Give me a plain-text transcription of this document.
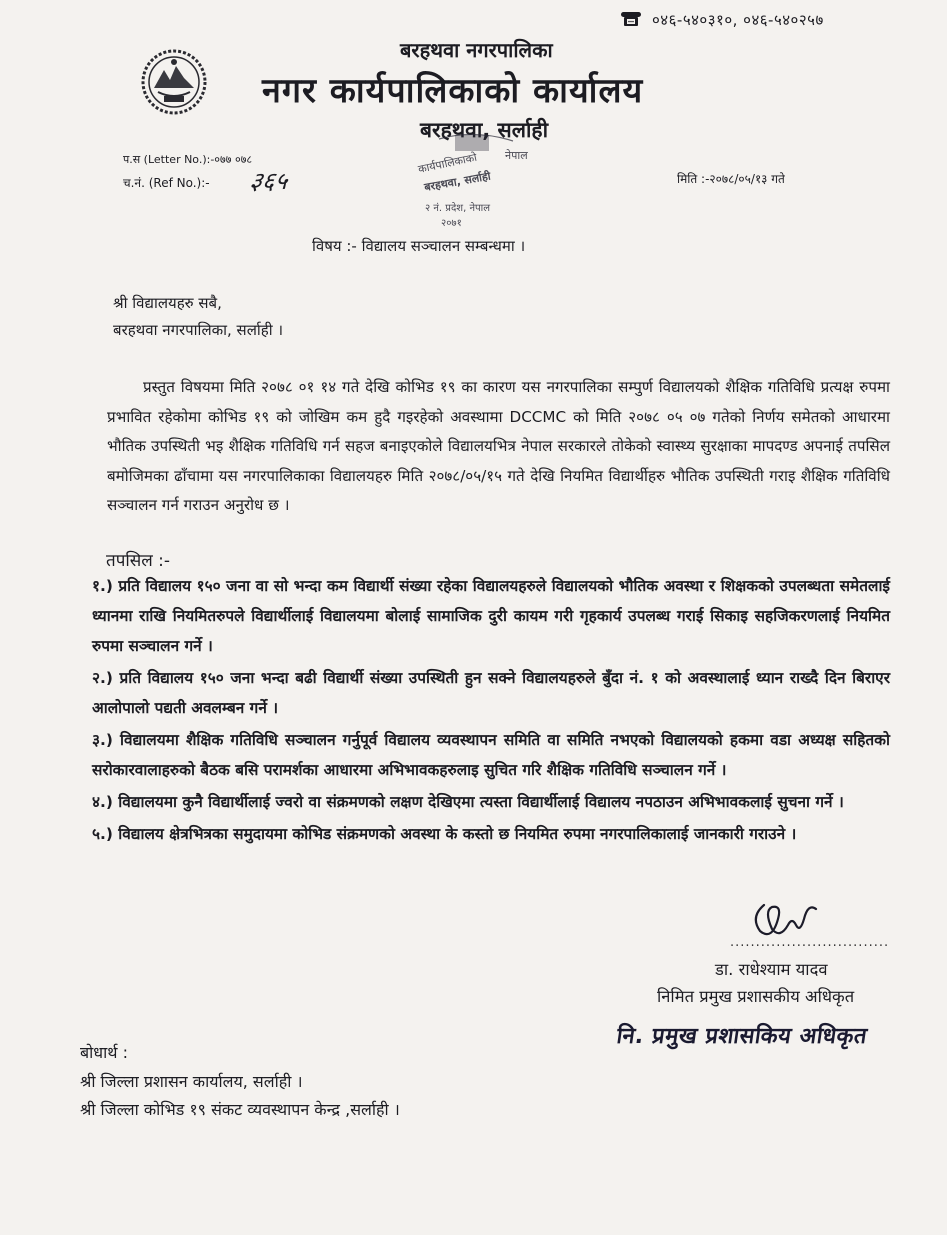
०४६-५४०३१०, ०४६-५४०२५७
बरहथवा नगरपालिका
नगर कार्यपालिकाको कार्यालय
बरहथवा, सर्लाही
नेपाल
कार्यपालिकाको
बरहथवा, सर्लाही
२ नं. प्रदेश, नेपाल
२०७१
प.स (Letter No.):-०७७ ०७८
च.नं. (Ref No.):- ३६५	मिति :-२०७८/०५/१३ गते
विषय :- विद्यालय सञ्चालन सम्बन्धमा ।
श्री विद्यालयहरु सबै,
बरहथवा नगरपालिका, सर्लाही ।
प्रस्तुत विषयमा मिति २०७८ ०१ १४ गते देखि कोभिड १९ का कारण यस नगरपालिका सम्पुर्ण विद्यालयको शैक्षिक गतिविधि प्रत्यक्ष रुपमा प्रभावित रहेकोमा कोभिड १९ को जोखिम कम हुदै गइरहेको अवस्थामा DCCMC को मिति २०७८ ०५ ०७ गतेको निर्णय समेतको आधारमा भौतिक उपस्थिती भइ शैक्षिक गतिविधि गर्न सहज बनाइएकोले विद्यालयभित्र नेपाल सरकारले तोकेको स्वास्थ्य सुरक्षाका मापदण्ड अपनाई तपसिल बमोजिमका ढाँचामा यस नगरपालिकाका विद्यालयहरु मिति २०७८/०५/१५ गते देखि नियमित विद्यार्थीहरु भौतिक उपस्थिती गराइ शैक्षिक गतिविधि सञ्चालन गर्न गराउन अनुरोध छ ।
तपसिल :-

१.) प्रति विद्यालय १५० जना वा सो भन्दा कम विद्यार्थी संख्या रहेका विद्यालयहरुले विद्यालयको भौतिक अवस्था र शिक्षकको उपलब्धता समेतलाई ध्यानमा राखि नियमितरुपले विद्यार्थीलाई विद्यालयमा बोलाई सामाजिक दुरी कायम गरी गृहकार्य उपलब्ध गराई सिकाइ सहजिकरणलाई नियमित रुपमा सञ्चालन गर्ने ।

२.) प्रति विद्यालय १५० जना भन्दा बढी विद्यार्थी संख्या उपस्थिती हुन सक्ने विद्यालयहरुले बुँदा नं. १ को अवस्थालाई ध्यान राख्दै दिन बिराएर आलोपालो पद्यती अवलम्बन गर्ने ।

३.) विद्यालयमा शैक्षिक गतिविधि सञ्चालन गर्नुपूर्व विद्यालय व्यवस्थापन समिति वा समिति नभएको विद्यालयको हकमा वडा अध्यक्ष सहितको सरोकारवालाहरुको बैठक बसि परामर्शका आधारमा अभिभावकहरुलाइ सुचित गरि शैक्षिक गतिविधि सञ्चालन गर्ने ।

४.) विद्यालयमा कुनै विद्यार्थीलाई ज्वरो वा संक्रमणको लक्षण देखिएमा त्यस्ता विद्यार्थीलाई विद्यालय नपठाउन अभिभावकलाई सुचना गर्ने ।

५.) विद्यालय क्षेत्रभित्रका समुदायमा कोभिड संक्रमणको अवस्था के कस्तो छ नियमित रुपमा नगरपालिकालाई जानकारी गराउने ।

...............................
डा. राधेश्याम यादव
निमित प्रमुख प्रशासकीय अधिकृत
नि. प्रमुख प्रशासकिय अधिकृत
बोधार्थ :
श्री जिल्ला प्रशासन कार्यालय, सर्लाही ।
श्री जिल्ला कोभिड १९ संकट व्यवस्थापन केन्द्र ,सर्लाही ।
